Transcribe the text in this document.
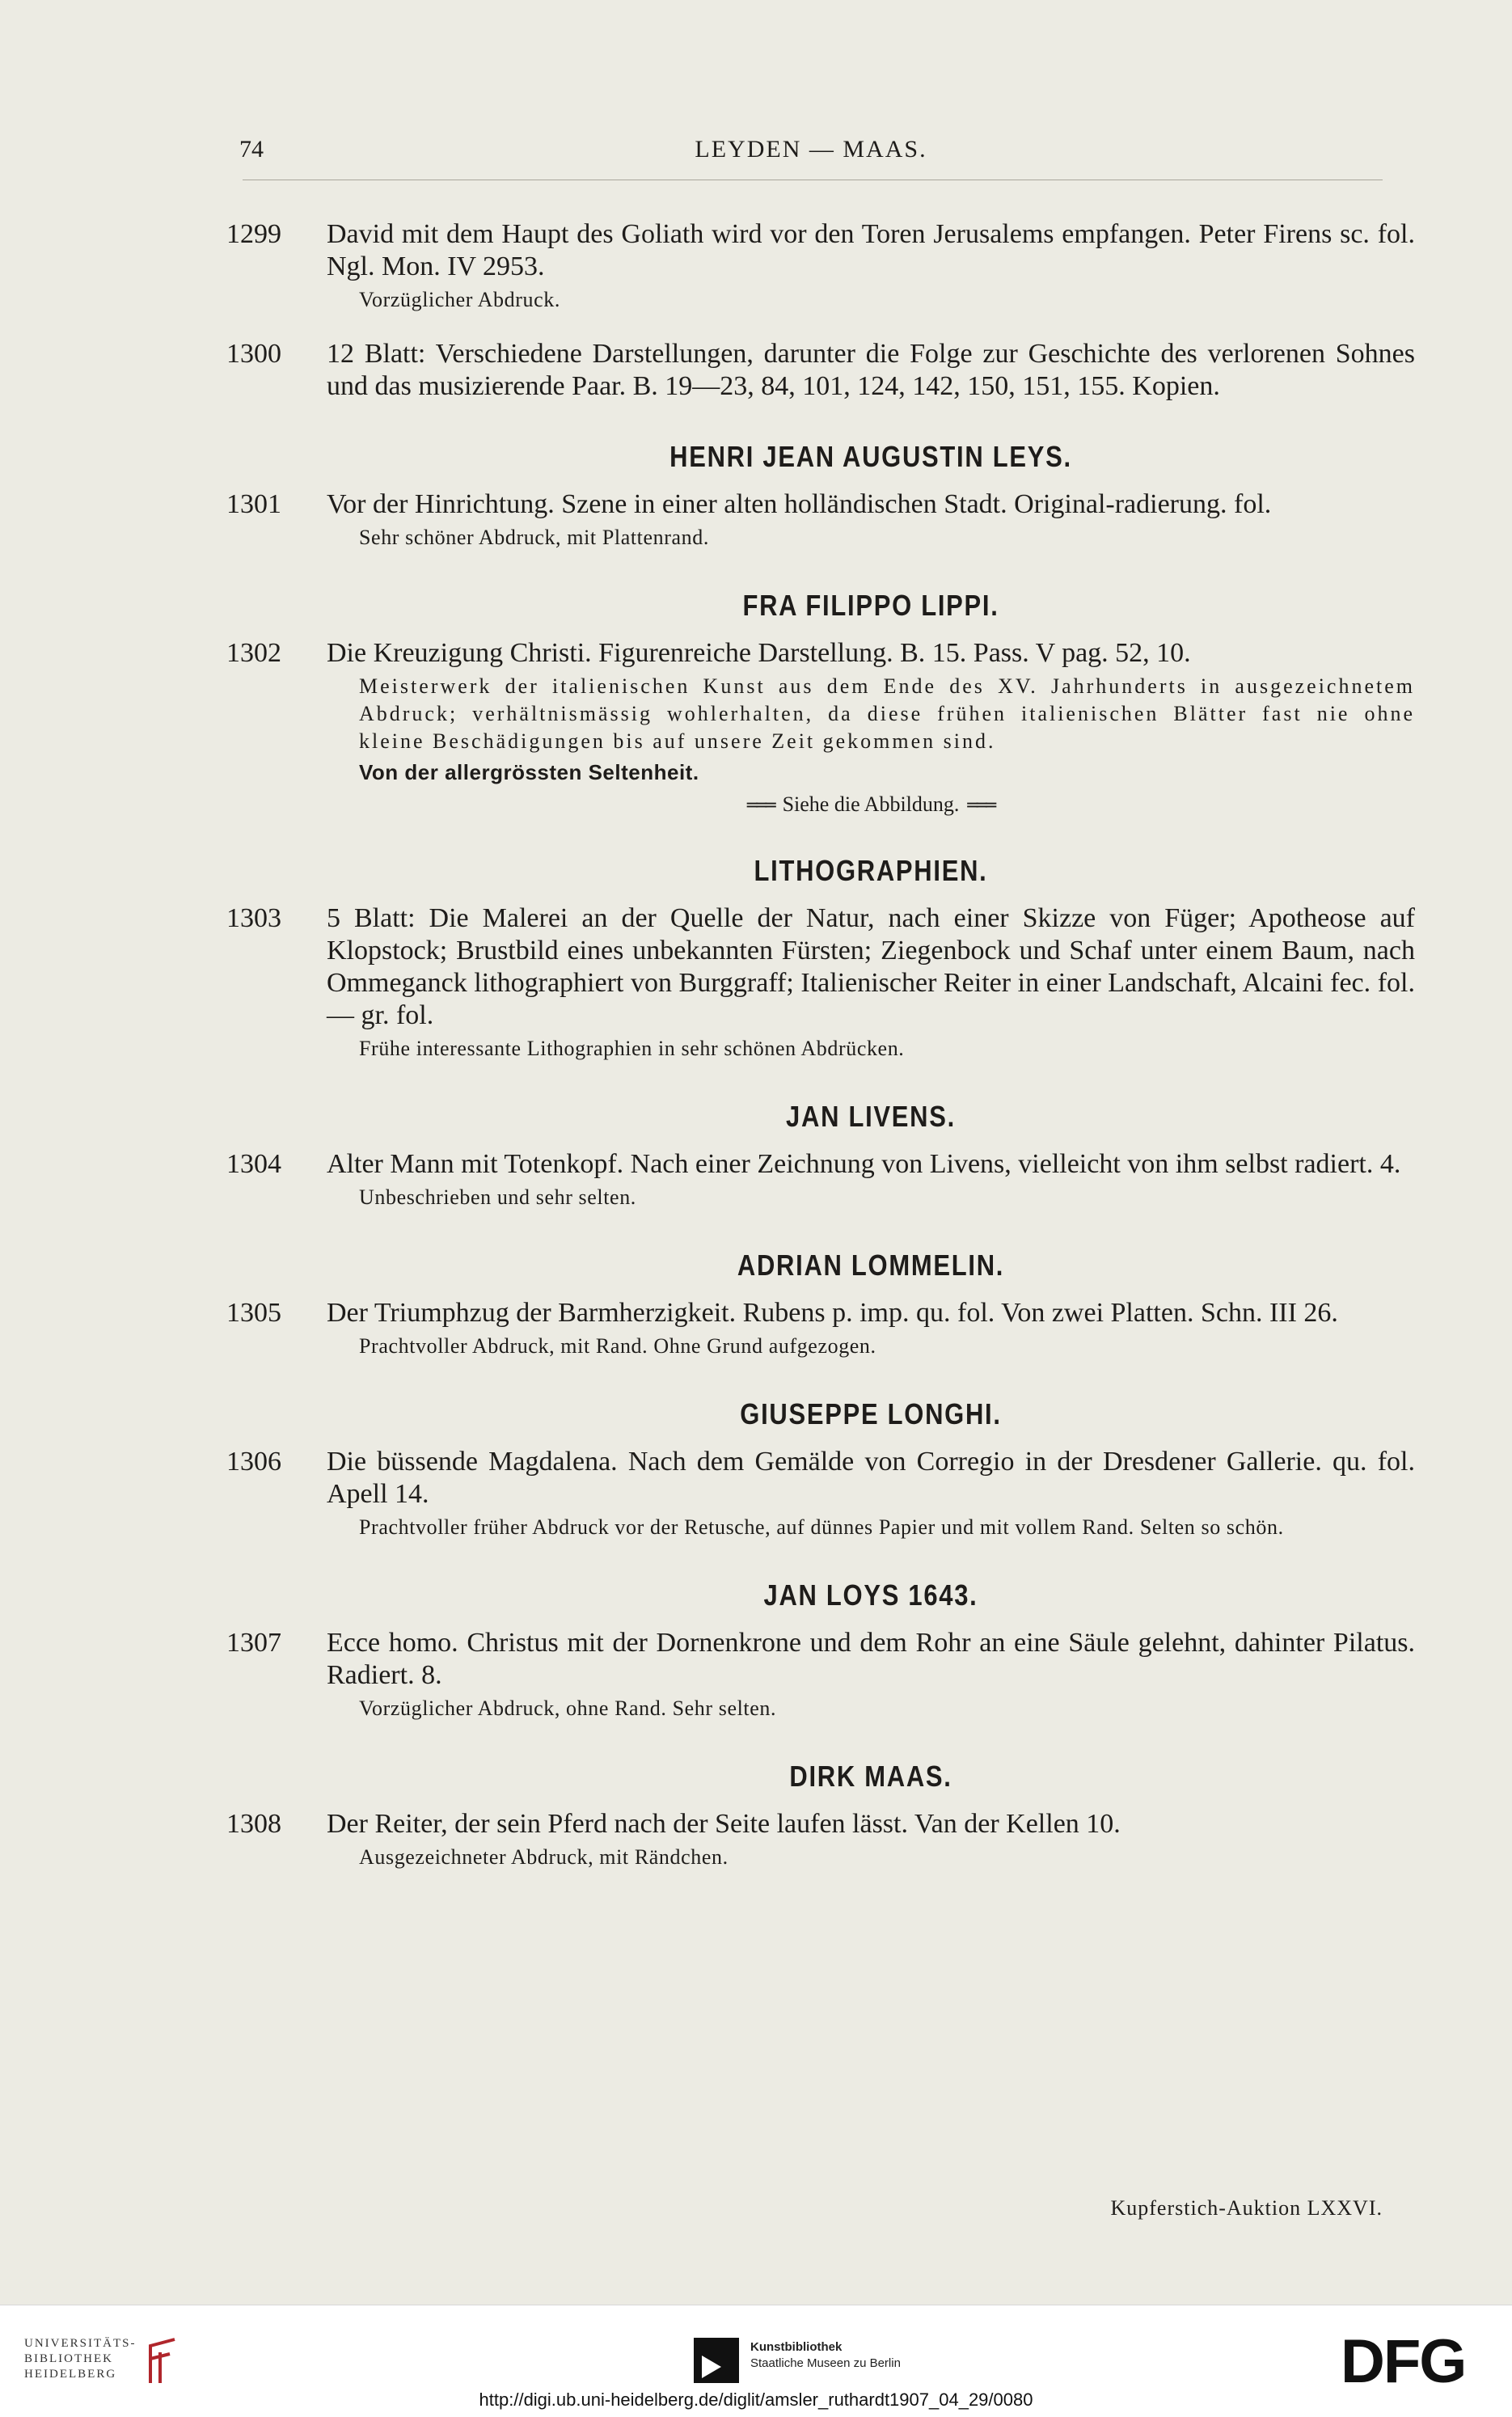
74	LEYDEN — MAAS.
1299 David mit dem Haupt des Goliath wird vor den Toren Jerusalems empfangen. Peter Firens sc. fol. Ngl. Mon. IV 2953.

Vorzüglicher Abdruck.
1300 12 Blatt: Verschiedene Darstellungen, darunter die Folge zur Geschichte des verlorenen Sohnes und das musizierende Paar. B. 19—23, 84, 101, 124, 142, 150, 151, 155. Kopien.

HENRI JEAN AUGUSTIN LEYS.
1301 Vor der Hinrichtung. Szene in einer alten holländischen Stadt. Original-radierung. fol.

Sehr schöner Abdruck, mit Plattenrand.
FRA FILIPPO LIPPI.
1302 Die Kreuzigung Christi. Figurenreiche Darstellung. B. 15. Pass. V pag. 52, 10.

Meisterwerk der italienischen Kunst aus dem Ende des XV. Jahrhunderts in ausgezeichnetem Abdruck; verhältnismässig wohlerhalten, da diese frühen italienischen Blätter fast nie ohne kleine Beschädigungen bis auf unsere Zeit gekommen sind.
Von der allergrössten Seltenheit.
═══ Siehe die Abbildung. ═══
LITHOGRAPHIEN.
1303 5 Blatt: Die Malerei an der Quelle der Natur, nach einer Skizze von Füger; Apotheose auf Klopstock; Brustbild eines unbekannten Fürsten; Ziegenbock und Schaf unter einem Baum, nach Ommeganck lithographiert von Burggraff; Italienischer Reiter in einer Landschaft, Alcaini fec. fol. — gr. fol.

Frühe interessante Lithographien in sehr schönen Abdrücken.
JAN LIVENS.
1304 Alter Mann mit Totenkopf. Nach einer Zeichnung von Livens, vielleicht von ihm selbst radiert. 4.

Unbeschrieben und sehr selten.
ADRIAN LOMMELIN.
1305 Der Triumphzug der Barmherzigkeit. Rubens p. imp. qu. fol. Von zwei Platten. Schn. III 26.

Prachtvoller Abdruck, mit Rand. Ohne Grund aufgezogen.
GIUSEPPE LONGHI.
1306 Die büssende Magdalena. Nach dem Gemälde von Corregio in der Dresdener Gallerie. qu. fol. Apell 14.

Prachtvoller früher Abdruck vor der Retusche, auf dünnes Papier und mit vollem Rand. Selten so schön.
JAN LOYS 1643.
1307 Ecce homo. Christus mit der Dornenkrone und dem Rohr an eine Säule gelehnt, dahinter Pilatus. Radiert. 8.

Vorzüglicher Abdruck, ohne Rand. Sehr selten.
DIRK MAAS.
1308 Der Reiter, der sein Pferd nach der Seite laufen lässt. Van der Kellen 10.

Ausgezeichneter Abdruck, mit Rändchen.
Kupferstich-Auktion LXXVI.
UNIVERSITÄTS-
BIBLIOTHEK
HEIDELBERG
Kunstbibliothek
Staatliche Museen zu Berlin	DFG
http://digi.ub.uni-heidelberg.de/diglit/amsler_ruthardt1907_04_29/0080
